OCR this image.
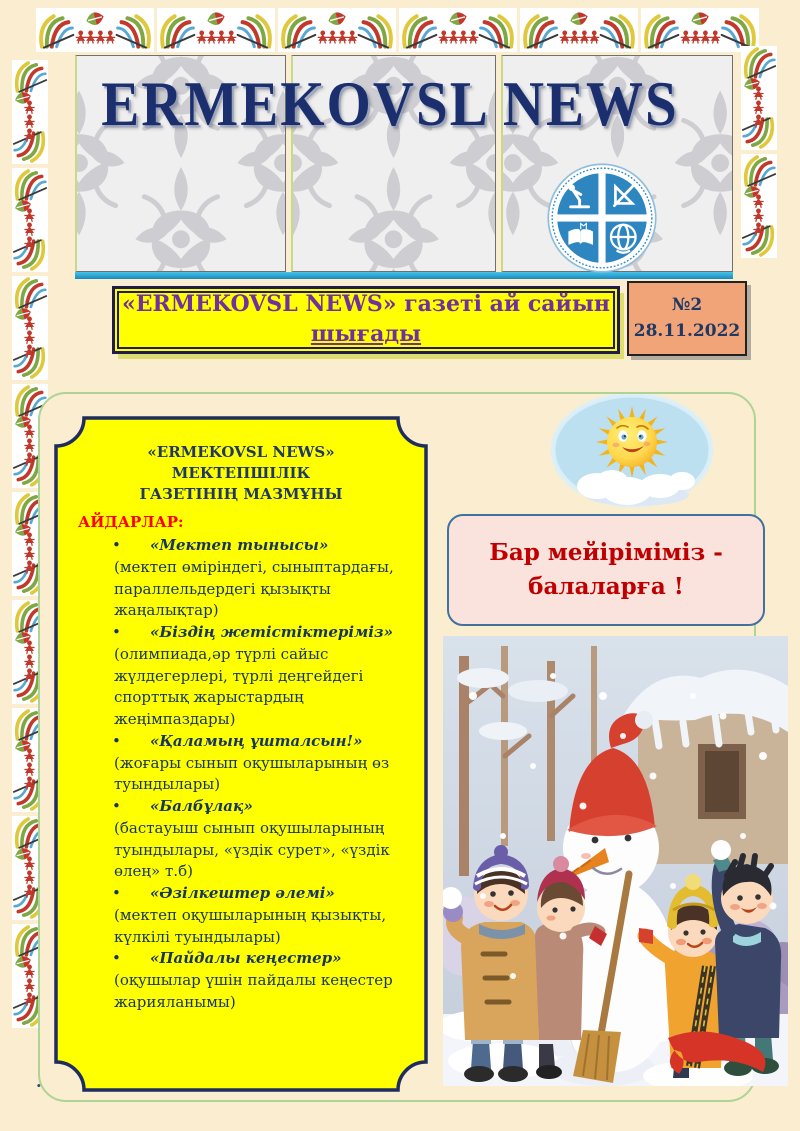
ERMEKOVSL NEWS
«ERMEKOVSL NEWS» газеті ай сайын
шығады
№2
28.11.2022
«ERMEKOVSL NEWS» МЕКТЕПШІЛІК
ГАЗЕТІНІҢ МАЗМҰНЫ
АЙДАРЛАР:
•	«Мектеп тынысы»
(мектеп өміріндегі, сыныптардағы, параллельдердегі қызықты жаңалықтар)
•	«Біздің жетістіктеріміз»
(олимпиада,әр түрлі сайыс жүлдегерлері, түрлі деңгейдегі спорттық жарыстардың жеңімпаздары)
•	«Қаламың ұшталсын!»
(жоғары сынып оқушыларының өз туындылары)
•	«Балбұлақ»
(бастауыш сынып оқушыларының туындылары, «үздік сурет», «үздік өлең» т.б)
•	«Әзілкештер әлемі»
(мектеп оқушыларының қызықты, күлкілі туындылары)
•	«Пайдалы кеңестер»
(оқушылар үшін пайдалы кеңестер жарияланымы)
Бар мейіріміміз -
балаларға !
.
